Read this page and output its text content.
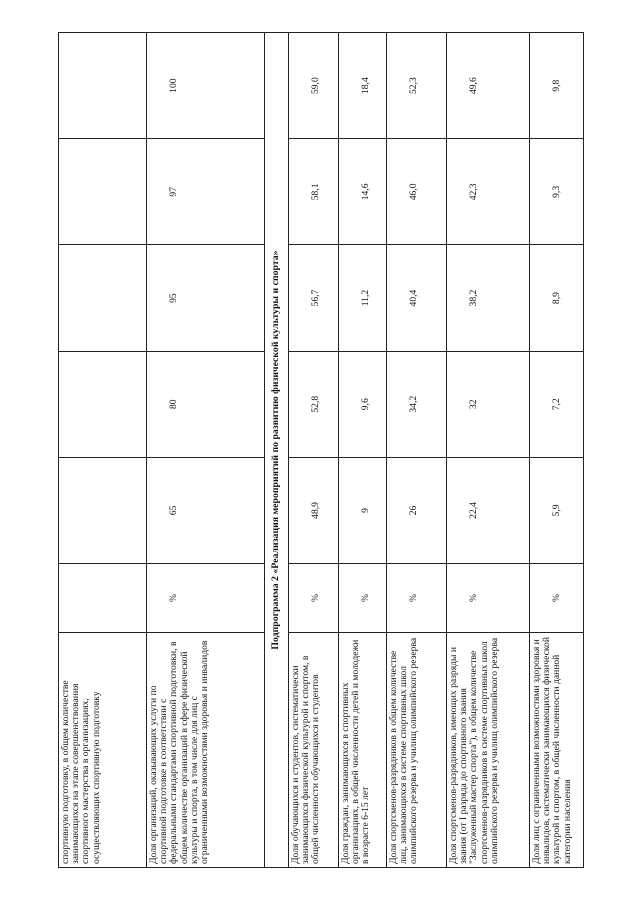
спортивную подготовку, в общем количестве занимающихся на этапе совершенствования спортивного мастерства в организациях, осуществляющих спортивную подготовку						
Доля организаций, оказывающих услуги по спортивной подготовке в соответствии с федеральными стандартами спортивной подготовки, в общем количестве организаций в сфере физической культуры и спорта, в том числе для лиц с ограниченными возможностями здоровья и инвалидов	%	65	80	95	97	100
Подпрограмма 2 «Реализация мероприятий по развитию физической культуры и спорта»						
Доля обучающихся и студентов, систематически занимающихся физической культурой и спортом, в общей численности обучающихся и студентов	%	48,9	52,8	56,7	58,1	59,0
Доля граждан, занимающихся в спортивных организациях, в общей численности детей и молодежи в возрасте 6-15 лет	%	9	9,6	11,2	14,6	18,4
Доля спортсменов-разрядников в общем количестве лиц, занимающихся в системе спортивных школ олимпийского резерва и училищ олимпийского резерва	%	26	34,2	40,4	46,0	52,3
Доля спортсменов-разрядников, имеющих разряды и звания (от I разряда до спортивного звания "Заслуженный мастер спорта"), в общем количестве спортсменов-разрядников в системе спортивных школ олимпийского резерва и училищ олимпийского резерва	%	22,4	32	38,2	42,3	49,6
Доля лиц с ограниченными возможностями здоровья и инвалидов, систематически занимающихся физической культурой и спортом, в общей численности данной категории населения	%	5,9	7,2	8,9	9,3	9,8
